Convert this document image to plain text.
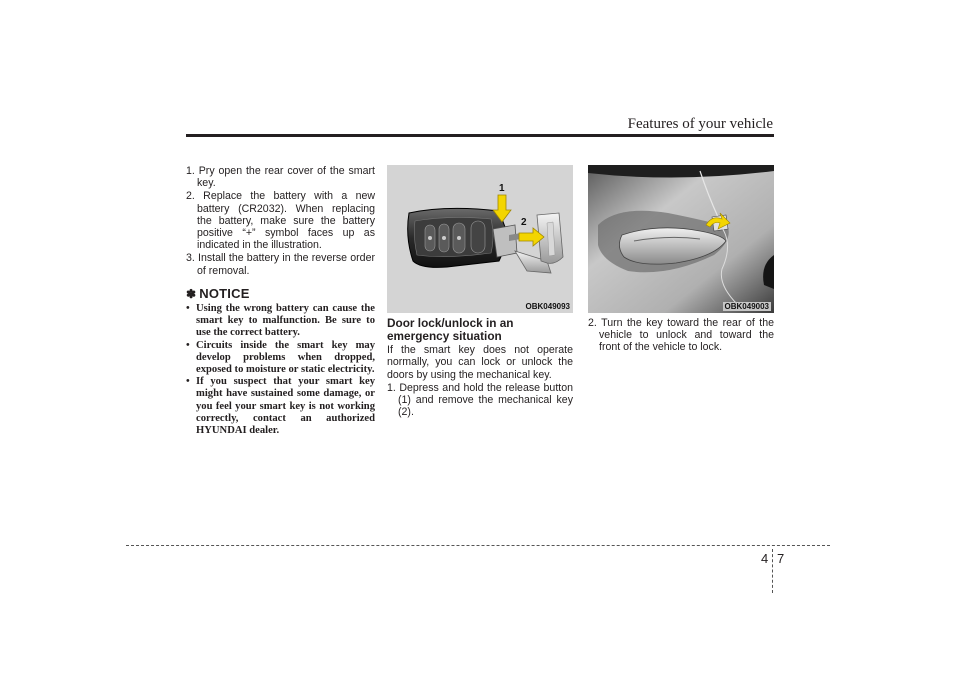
Features of your vehicle
1. Pry open the rear cover of the smart key.
2. Replace the battery with a new battery (CR2032). When replacing the battery, make sure the battery positive “+” symbol faces up as indicated in the illustration.
3. Install the battery in the reverse order of removal.
✽ NOTICE
• Using the wrong battery can cause the smart key to malfunction. Be sure to use the correct battery.
• Circuits inside the smart key may develop problems when dropped, exposed to moisture or static electricity.
• If you suspect that your smart key might have sustained some damage, or you feel your smart key is not working correctly, contact an authorized HYUNDAI dealer.
1
2
OBK049093	OBK049003
Door lock/unlock in an emergency situation
If the smart key does not operate normally, you can lock or unlock the doors by using the mechanical key.
1. Depress and hold the release button (1) and remove the mechanical key (2).
2. Turn the key toward the rear of the vehicle to unlock and toward the front of the vehicle to lock.
4 7
